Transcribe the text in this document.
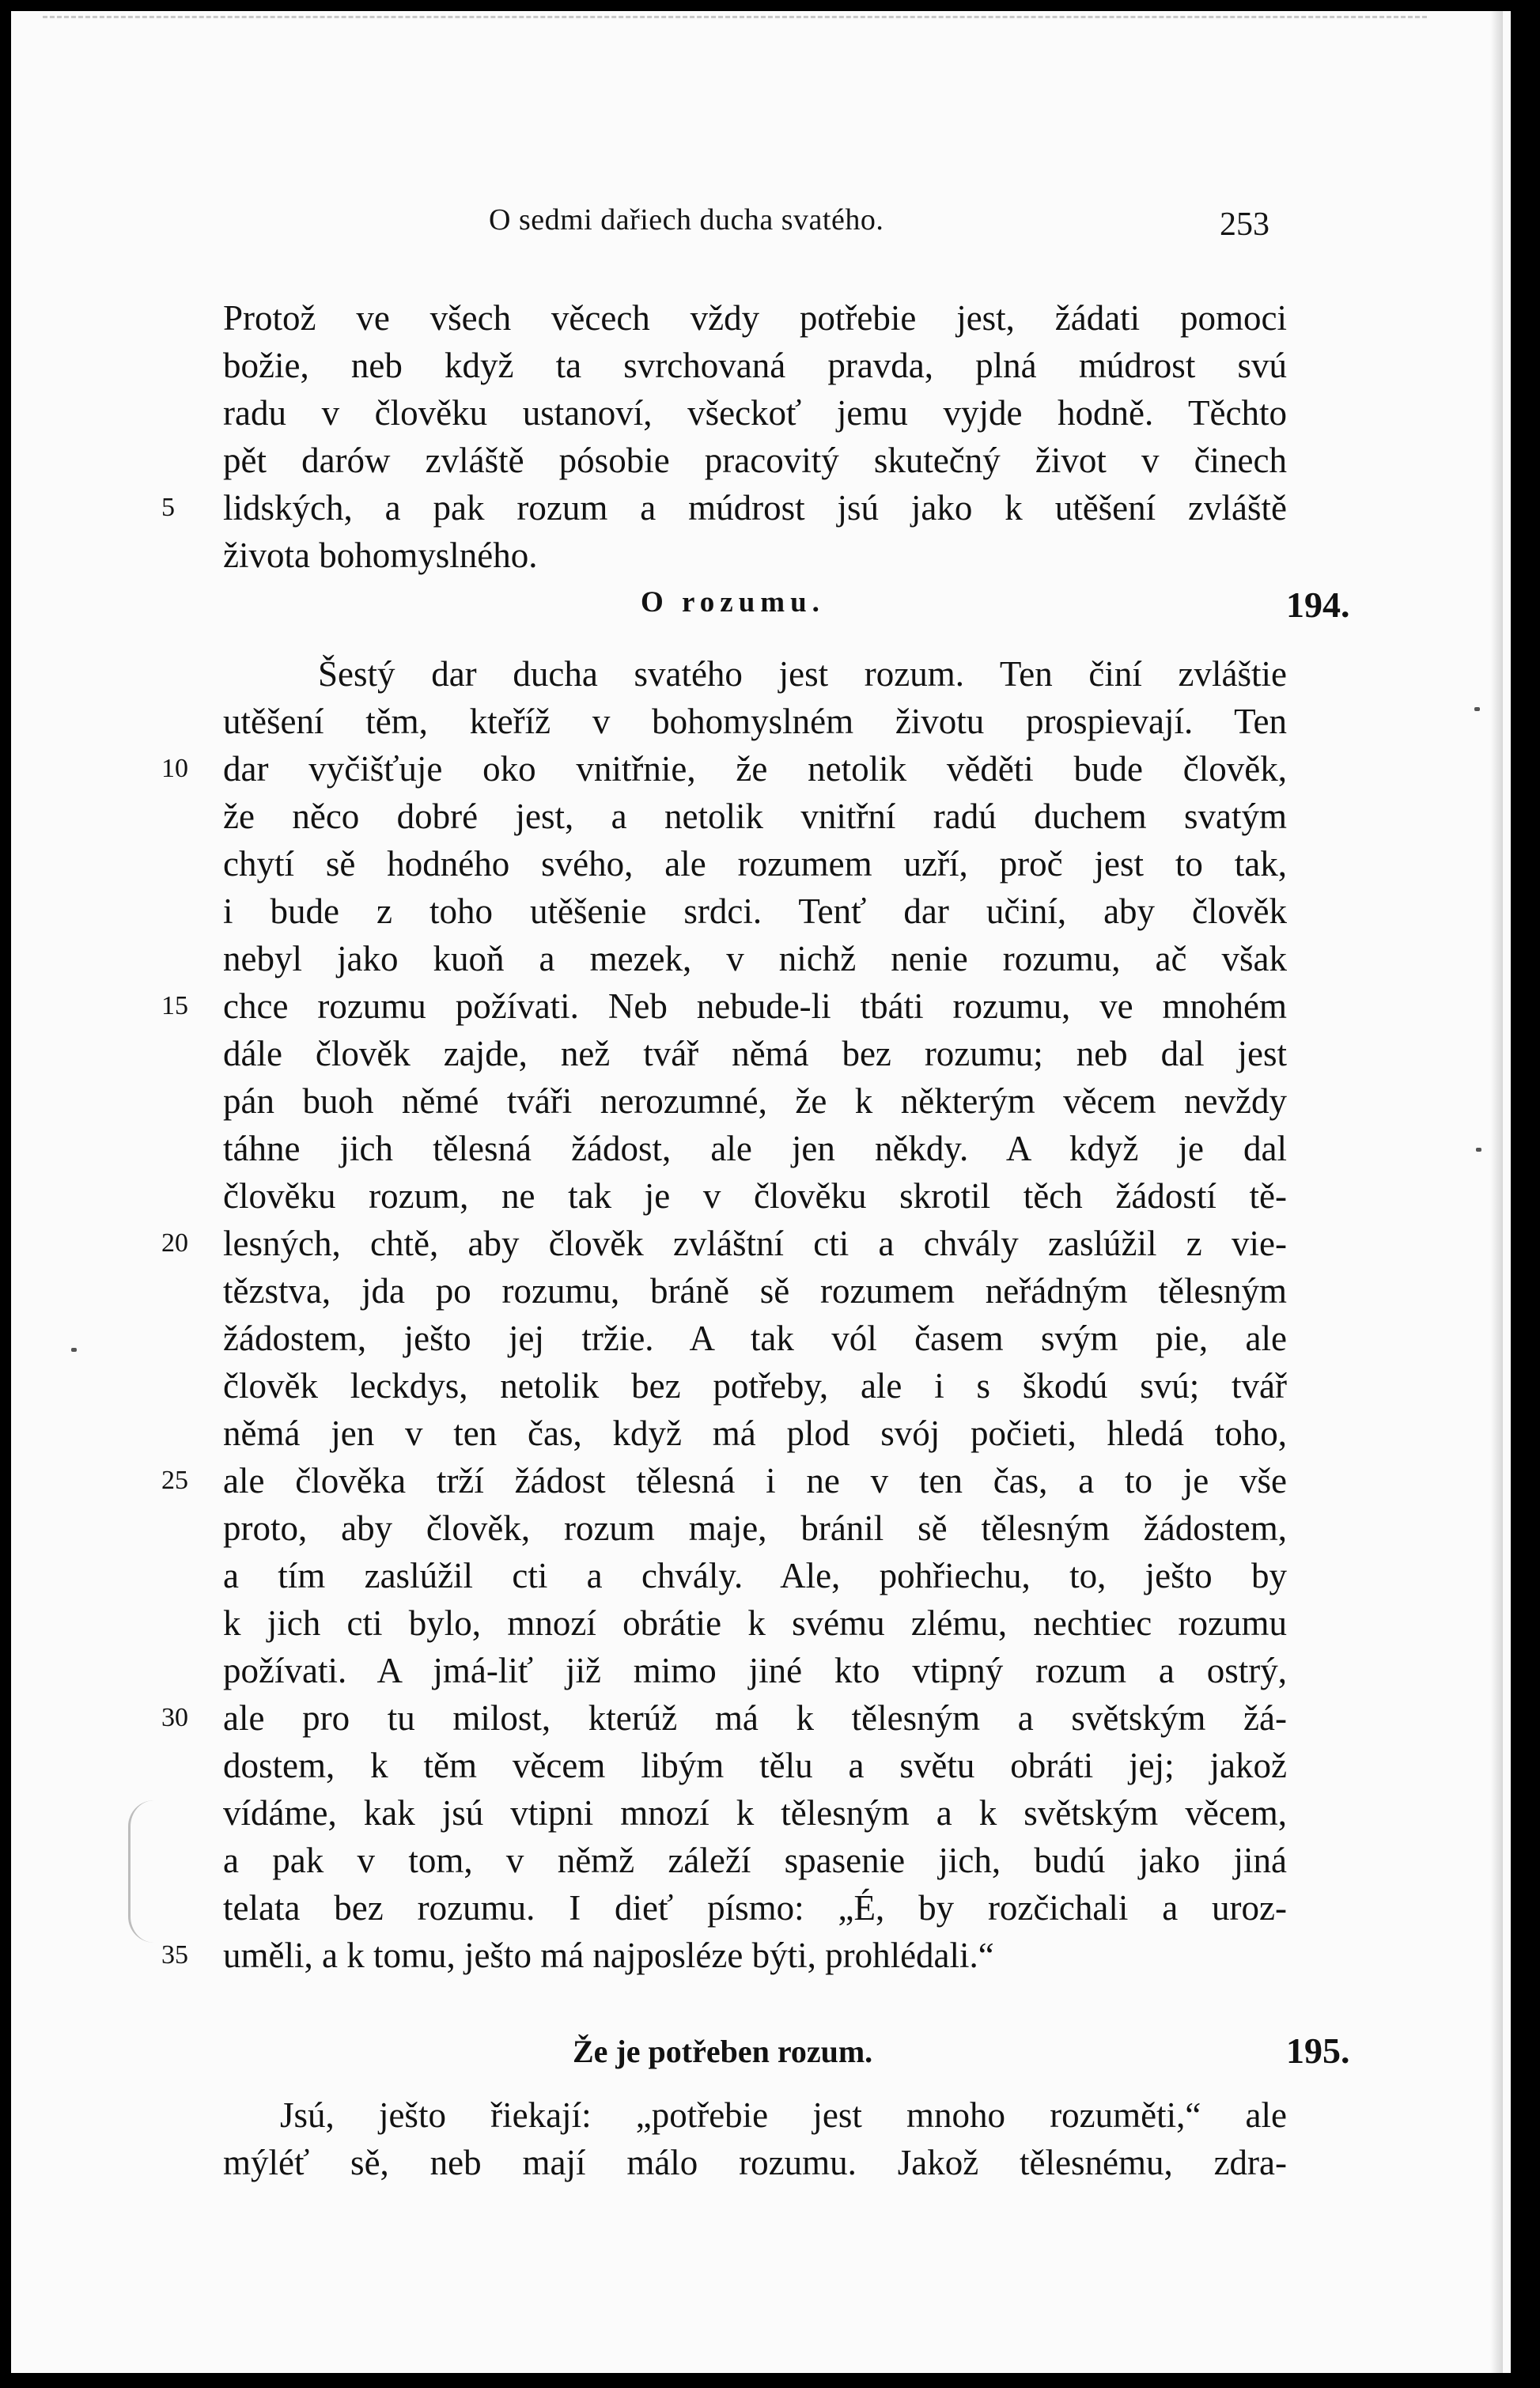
O sedmi dařiech ducha svatého.	253
Protož ve všech věcech vždy potřebie jest, žádati pomoci
božie, neb když ta svrchovaná pravda, plná múdrost svú
radu v člověku ustanoví, všeckoť jemu vyjde hodně. Těchto
pět darów zvláště pósobie pracovitý skutečný život v činech
5	lidských, a pak rozum a múdrost jsú jako k utěšení zvláště
života bohomyslného.
O rozumu.	194.
Šestý dar ducha svatého jest rozum. Ten činí zvláštie
utěšení těm, kteříž v bohomyslném životu prospievají. Ten
10 dar vyčišťuje oko vnitřnie, že netolik věděti bude člověk,
že něco dobré jest, a netolik vnitřní radú duchem svatým
chytí sě hodného svého, ale rozumem uzří, proč jest to tak,
i bude z toho utěšenie srdci. Tenť dar učiní, aby člověk
nebyl jako kuoň a mezek, v nichž nenie rozumu, ač však
15 chce rozumu požívati. Neb nebude-li tbáti rozumu, ve mnohém
dále člověk zajde, než tvář němá bez rozumu; neb dal jest
pán buoh němé tváři nerozumné, že k některým věcem nevždy
táhne jich tělesná žádost, ale jen někdy. A když je dal
člověku rozum, ne tak je v člověku skrotil těch žádostí tě-
20 lesných, chtě, aby člověk zvláštní cti a chvály zaslúžil z vie-
tězstva, jda po rozumu, bráně sě rozumem neřádným tělesným
žádostem, ještо jej tržie. A tak vól časem svým pie, ale
člověk leckdys, netolik bez potřeby, ale i s škodú svú; tvář
němá jen v ten čas, když má plod svój počieti, hledá toho,
25 ale člověka trží žádost tělesná i ne v ten čas, a to je vše
proto, aby člověk, rozum maje, bránil sě tělesným žádostem,
a tím zaslúžil cti a chvály. Ale, pohřiechu, to, ještо by
k jich cti bylo, mnozí obrátie k svému zlému, nechtiec rozumu
požívati. A jmá-liť již mimo jiné kto vtipný rozum a ostrý,
30 ale pro tu milost, kterúž má k tělesným a světským žá-
dostem, k těm věcem libým tělu a světu obráti jej; jakož
vídáme, kak jsú vtipni mnozí k tělesným a k světským věcem,
a pak v tom, v němž záleží spasenie jich, budú jako jiná
telata bez rozumu. I dieť písmo: „É, by rozčichali a uroz-
35 uměli, a k tomu, ještо má najposléze býti, prohlédali.“
Že je potřeben rozum.	195.
Jsú, ještо řiekají: „potřebie jest mnoho rozuměti,“ ale
mýléť sě, neb mají málo rozumu. Jakož tělesnému, zdra-
